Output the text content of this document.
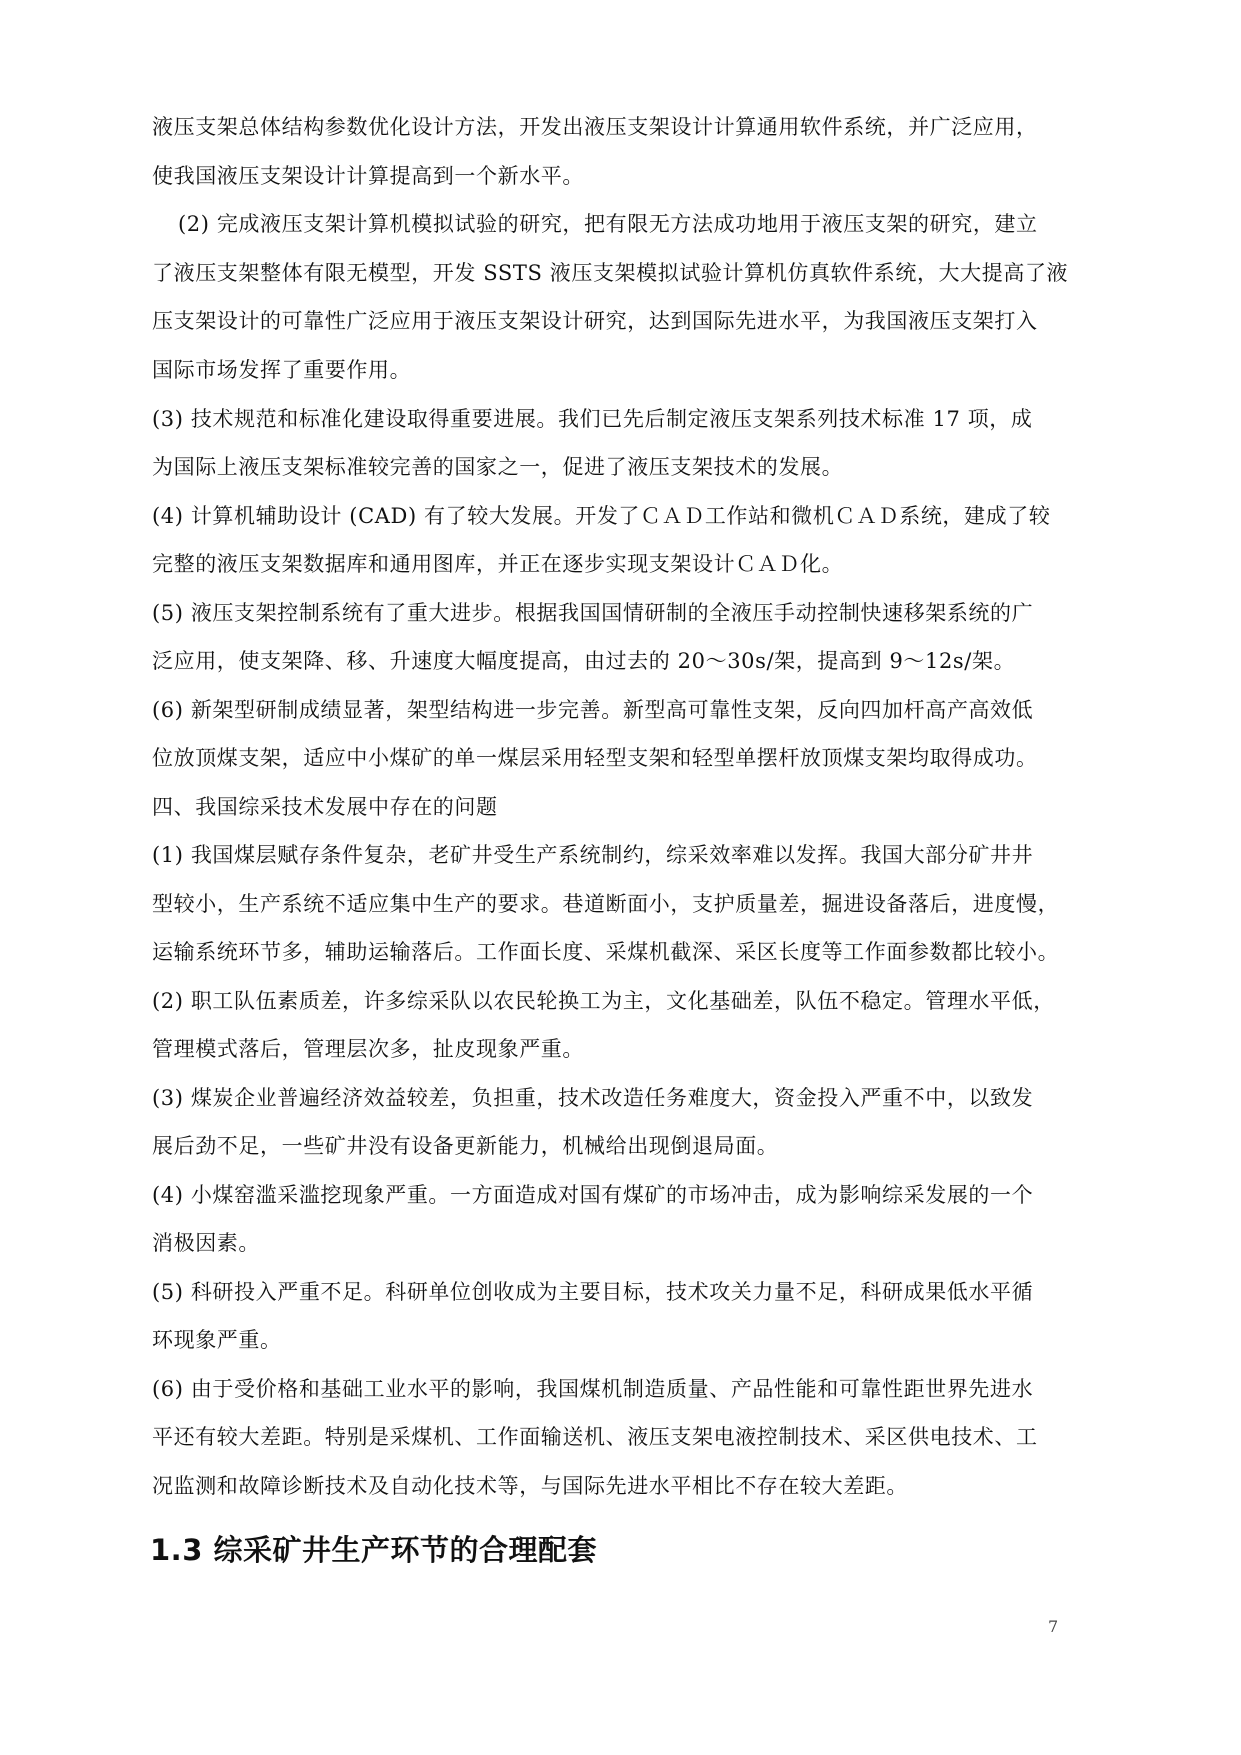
液压支架总体结构参数优化设计方法，开发出液压支架设计计算通用软件系统，并广泛应用，
使我国液压支架设计计算提高到一个新水平。
(2) 完成液压支架计算机模拟试验的研究，把有限无方法成功地用于液压支架的研究，建立
了液压支架整体有限无模型，开发 SSTS 液压支架模拟试验计算机仿真软件系统，大大提高了液
压支架设计的可靠性广泛应用于液压支架设计研究，达到国际先进水平，为我国液压支架打入
国际市场发挥了重要作用。
(3) 技术规范和标准化建设取得重要进展。我们已先后制定液压支架系列技术标准 17 项，成
为国际上液压支架标准较完善的国家之一，促进了液压支架技术的发展。
(4) 计算机辅助设计 (CAD) 有了较大发展。开发了ＣＡＤ工作站和微机ＣＡＤ系统，建成了较
完整的液压支架数据库和通用图库，并正在逐步实现支架设计ＣＡＤ化。
(5) 液压支架控制系统有了重大进步。根据我国国情研制的全液压手动控制快速移架系统的广
泛应用，使支架降、移、升速度大幅度提高，由过去的 20～30s/架，提高到 9～12s/架。
(6) 新架型研制成绩显著，架型结构进一步完善。新型高可靠性支架，反向四加杆高产高效低
位放顶煤支架，适应中小煤矿的单一煤层采用轻型支架和轻型单摆杆放顶煤支架均取得成功。
四、我国综采技术发展中存在的问题
(1) 我国煤层赋存条件复杂，老矿井受生产系统制约，综采效率难以发挥。我国大部分矿井井
型较小，生产系统不适应集中生产的要求。巷道断面小，支护质量差，掘进设备落后，进度慢，
运输系统环节多，辅助运输落后。工作面长度、采煤机截深、采区长度等工作面参数都比较小。
(2) 职工队伍素质差，许多综采队以农民轮换工为主，文化基础差，队伍不稳定。管理水平低，
管理模式落后，管理层次多，扯皮现象严重。
(3) 煤炭企业普遍经济效益较差，负担重，技术改造任务难度大，资金投入严重不中，以致发
展后劲不足，一些矿井没有设备更新能力，机械给出现倒退局面。
(4) 小煤窑滥采滥挖现象严重。一方面造成对国有煤矿的市场冲击，成为影响综采发展的一个
消极因素。
(5) 科研投入严重不足。科研单位创收成为主要目标，技术攻关力量不足，科研成果低水平循
环现象严重。
(6) 由于受价格和基础工业水平的影响，我国煤机制造质量、产品性能和可靠性距世界先进水
平还有较大差距。特别是采煤机、工作面输送机、液压支架电液控制技术、采区供电技术、工
况监测和故障诊断技术及自动化技术等，与国际先进水平相比不存在较大差距。
1.3 综采矿井生产环节的合理配套
7
